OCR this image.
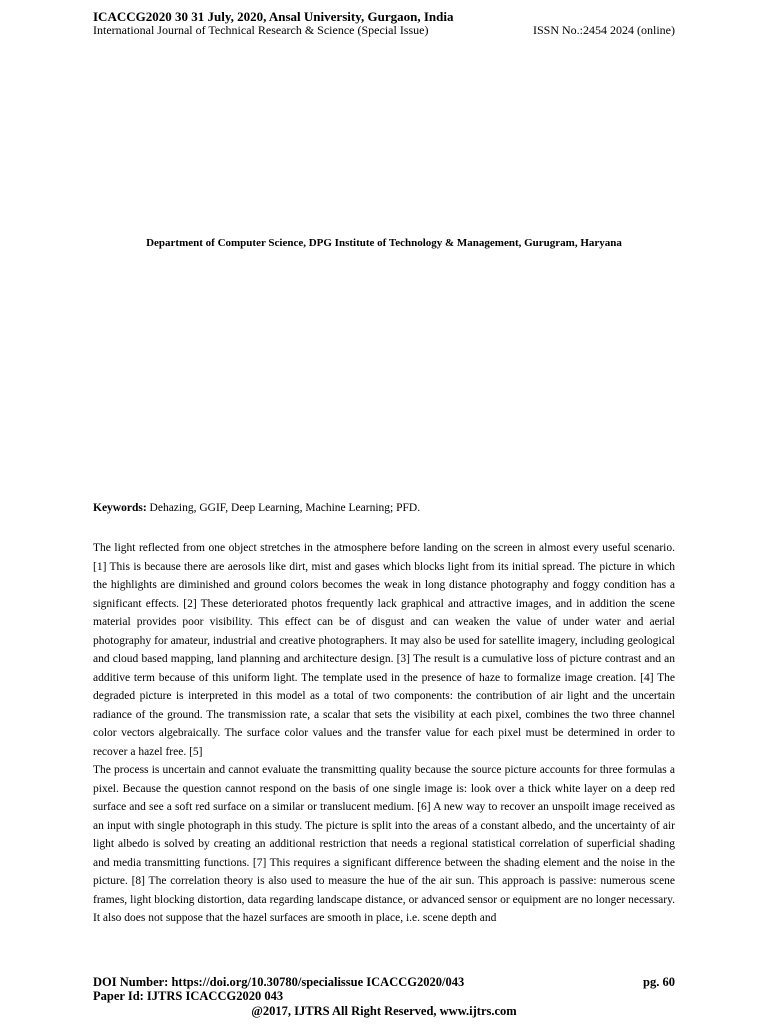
ICACCG2020 30 31 July, 2020, Ansal University, Gurgaon, India
International Journal of Technical Research & Science (Special Issue)	ISSN No.:2454 2024 (online)
Department of Computer Science, DPG Institute of Technology & Management, Gurugram, Haryana
Keywords: Dehazing, GGIF, Deep Learning, Machine Learning; PFD.

The light reflected from one object stretches in the atmosphere before landing on the screen in almost every useful scenario. [1] This is because there are aerosols like dirt, mist and gases which blocks light from its initial spread. The picture in which the highlights are diminished and ground colors becomes the weak in long distance photography and foggy condition has a significant effects. [2] These deteriorated photos frequently lack graphical and attractive images, and in addition the scene material provides poor visibility. This effect can be of disgust and can weaken the value of under water and aerial photography for amateur, industrial and creative photographers. It may also be used for satellite imagery, including geological and cloud based mapping, land planning and architecture design. [3] The result is a cumulative loss of picture contrast and an additive term because of this uniform light. The template used in the presence of haze to formalize image creation. [4] The degraded picture is interpreted in this model as a total of two components: the contribution of air light and the uncertain radiance of the ground. The transmission rate, a scalar that sets the visibility at each pixel, combines the two three channel color vectors algebraically. The surface color values and the transfer value for each pixel must be determined in order to recover a hazel free. [5]

The process is uncertain and cannot evaluate the transmitting quality because the source picture accounts for three formulas a pixel. Because the question cannot respond on the basis of one single image is: look over a thick white layer on a deep red surface and see a soft red surface on a similar or translucent medium. [6] A new way to recover an unspoilt image received as an input with single photograph in this study. The picture is split into the areas of a constant albedo, and the uncertainty of air light albedo is solved by creating an additional restriction that needs a regional statistical correlation of superficial shading and media transmitting functions. [7] This requires a significant difference between the shading element and the noise in the picture. [8] The correlation theory is also used to measure the hue of the air sun. This approach is passive: numerous scene frames, light blocking distortion, data regarding landscape distance, or advanced sensor or equipment are no longer necessary. It also does not suppose that the hazel surfaces are smooth in place, i.e. scene depth and

DOI Number: https://doi.org/10.30780/specialissue ICACCG2020/043	pg. 60
Paper Id: IJTRS ICACCG2020 043
@2017, IJTRS All Right Reserved, www.ijtrs.com
